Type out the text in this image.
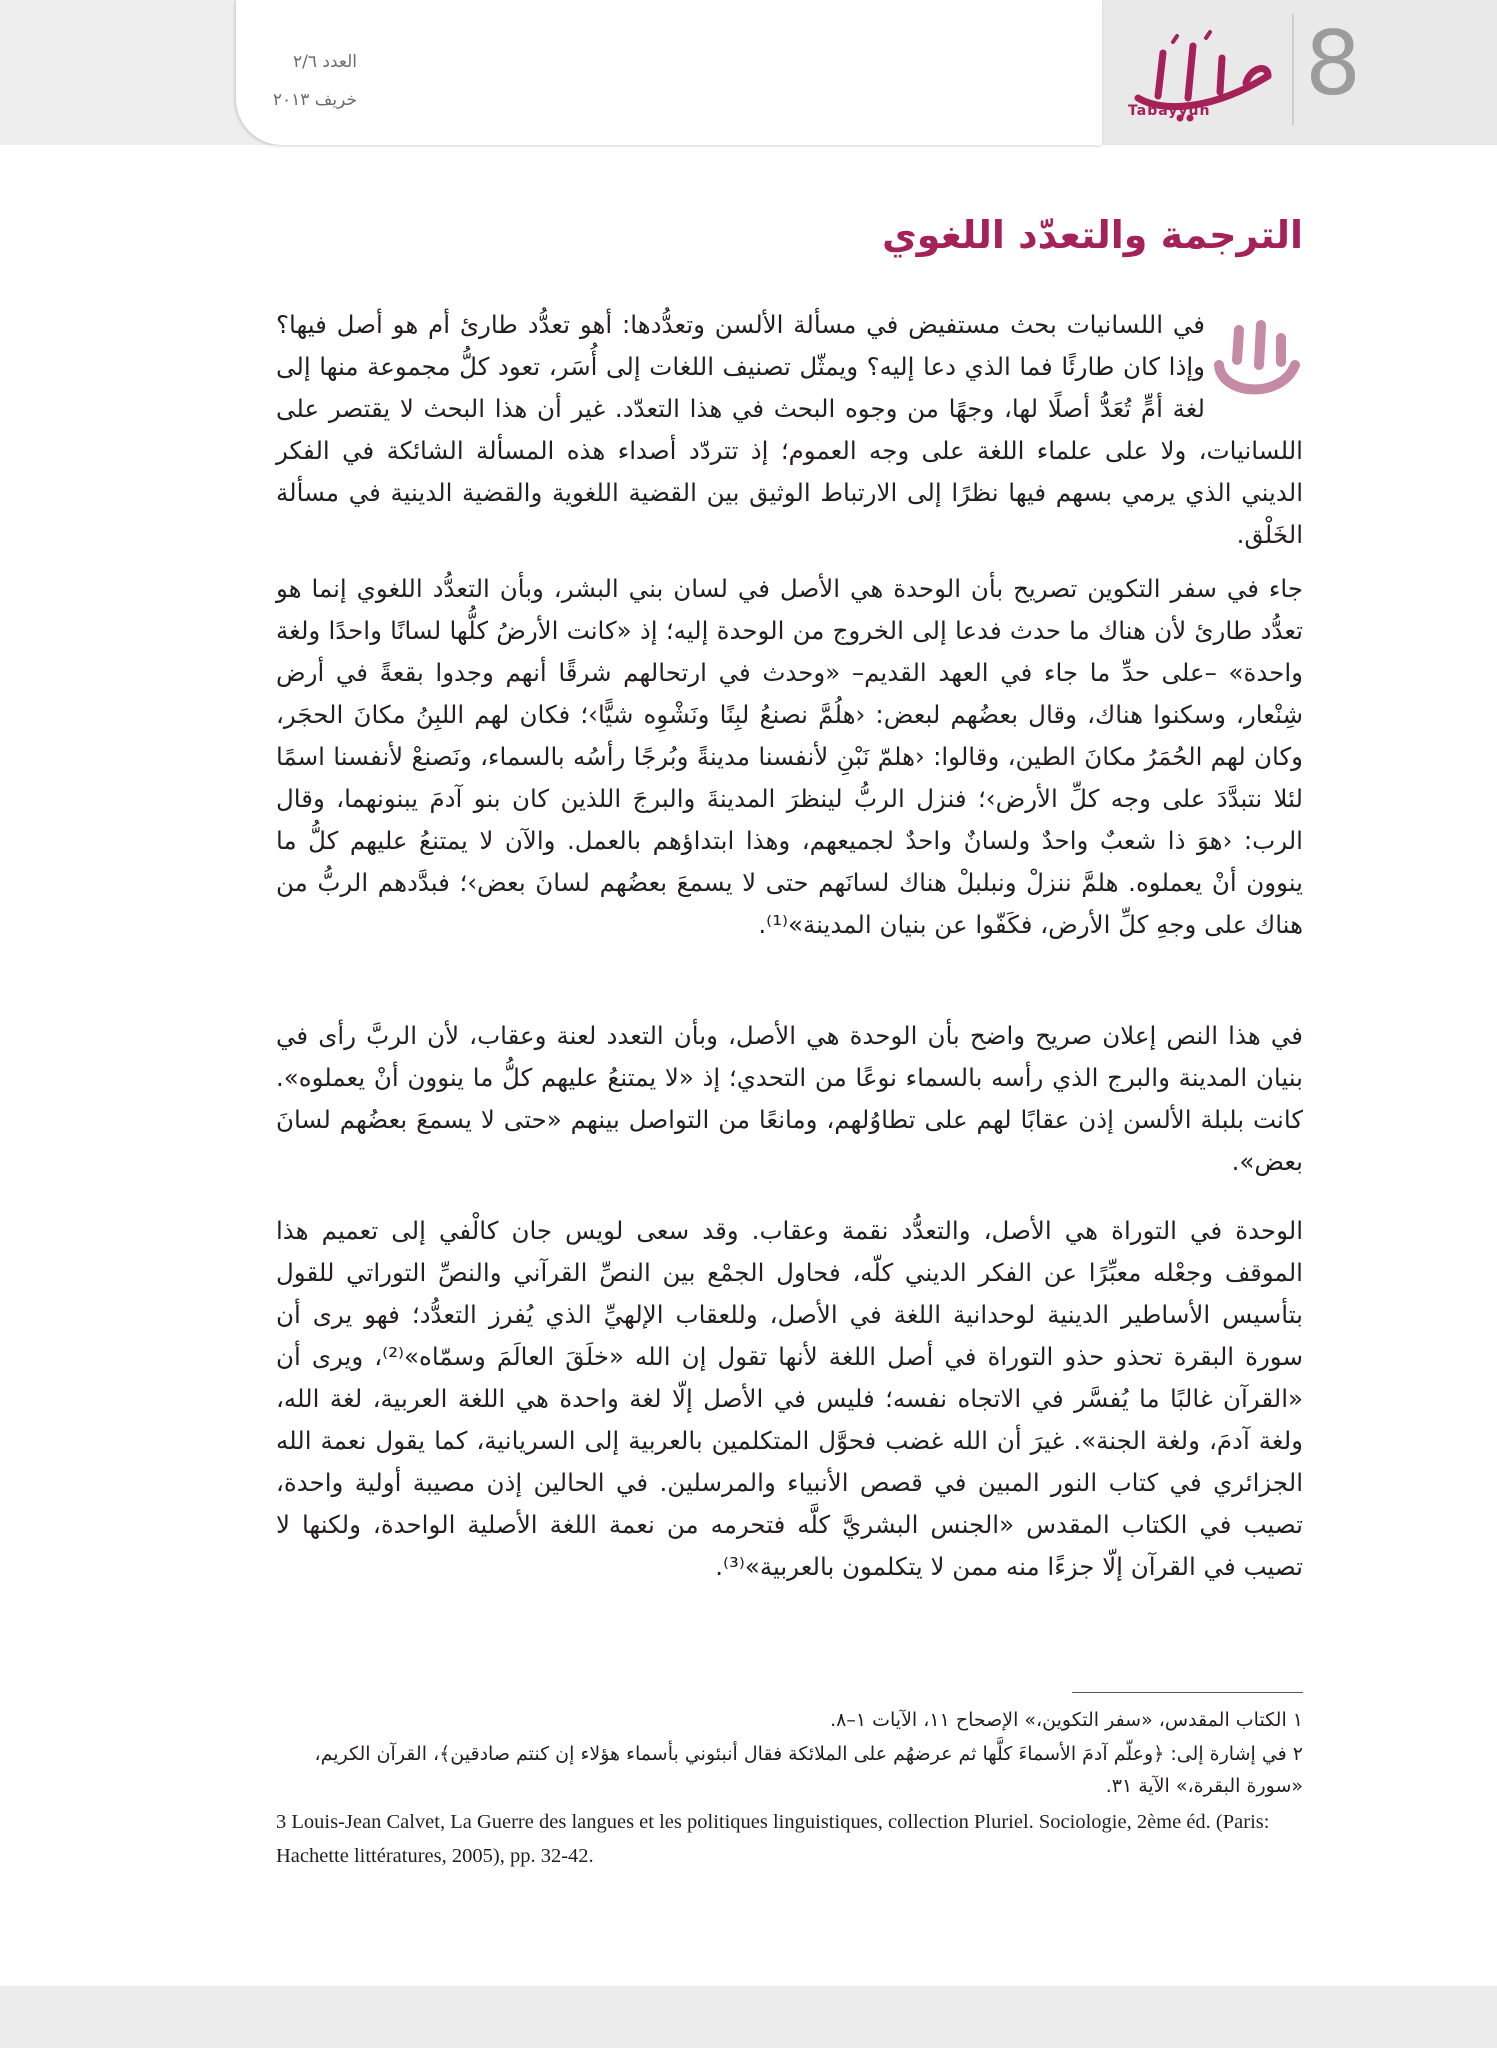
العدد ٢/٦
خريف ٢٠١٣
Tabayyun 8
الترجمة والتعدّد اللغوي

في اللسانيات بحث مستفيض في مسألة الألسن وتعدُّدها: أهو تعدُّد طارئ أم هو أصل فيها؟ وإذا كان طارئًا فما الذي دعا إليه؟ ويمثّل تصنيف اللغات إلى أُسَر، تعود كلُّ مجموعة منها إلى لغة أمٍّ تُعَدُّ أصلًا لها، وجهًا من وجوه البحث في هذا التعدّد. غير أن هذا البحث لا يقتصر على اللسانيات، ولا على علماء اللغة على وجه العموم؛ إذ تتردّد أصداء هذه المسألة الشائكة في الفكر الديني الذي يرمي بسهم فيها نظرًا إلى الارتباط الوثيق بين القضية اللغوية والقضية الدينية في مسألة الخَلْق.

جاء في سفر التكوين تصريح بأن الوحدة هي الأصل في لسان بني البشر، وبأن التعدُّد اللغوي إنما هو تعدُّد طارئ لأن هناك ما حدث فدعا إلى الخروج من الوحدة إليه؛ إذ «كانت الأرضُ كلُّها لسانًا واحدًا ولغة واحدة» –على حدِّ ما جاء في العهد القديم– «وحدث في ارتحالهم شرقًا أنهم وجدوا بقعةً في أرض شِنْعار، وسكنوا هناك، وقال بعضُهم لبعض: ‹هلُمَّ نصنعُ لبِنًا ونَشْوِه شيًّا›؛ فكان لهم اللبِنُ مكانَ الحجَر، وكان لهم الحُمَرُ مكانَ الطين، وقالوا: ‹هلمّ نَبْنِ لأنفسنا مدينةً وبُرجًا رأسُه بالسماء، ونَصنعْ لأنفسنا اسمًا لئلا نتبدَّدَ على وجه كلِّ الأرض›؛ فنزل الربُّ لينظرَ المدينةَ والبرجَ اللذين كان بنو آدمَ يبنونهما، وقال الرب: ‹هوَ ذا شعبٌ واحدٌ ولسانٌ واحدٌ لجميعهم، وهذا ابتداؤهم بالعمل. والآن لا يمتنعُ عليهم كلُّ ما ينوون أنْ يعملوه. هلمَّ ننزلْ ونبلبلْ هناك لسانَهم حتى لا يسمعَ بعضُهم لسانَ بعض›؛ فبدَّدهم الربُّ من هناك على وجهِ كلِّ الأرض، فكَفّوا عن بنيان المدينة»⁽¹⁾.

في هذا النص إعلان صريح واضح بأن الوحدة هي الأصل، وبأن التعدد لعنة وعقاب، لأن الربَّ رأى في بنيان المدينة والبرج الذي رأسه بالسماء نوعًا من التحدي؛ إذ «لا يمتنعُ عليهم كلُّ ما ينوون أنْ يعملوه». كانت بلبلة الألسن إذن عقابًا لهم على تطاوُلهم، ومانعًا من التواصل بينهم «حتى لا يسمعَ بعضُهم لسانَ بعض».

الوحدة في التوراة هي الأصل، والتعدُّد نقمة وعقاب. وقد سعى لويس جان كالْفي إلى تعميم هذا الموقف وجعْله معبِّرًا عن الفكر الديني كلّه، فحاول الجمْع بين النصِّ القرآني والنصِّ التوراتي للقول بتأسيس الأساطير الدينية لوحدانية اللغة في الأصل، وللعقاب الإلهيِّ الذي يُفرز التعدُّد؛ فهو يرى أن سورة البقرة تحذو حذو التوراة في أصل اللغة لأنها تقول إن الله «خلَقَ العالَمَ وسمّاه»⁽²⁾، ويرى أن «القرآن غالبًا ما يُفسَّر في الاتجاه نفسه؛ فليس في الأصل إلّا لغة واحدة هي اللغة العربية، لغة الله، ولغة آدمَ، ولغة الجنة». غيرَ أن الله غضب فحوَّل المتكلمين بالعربية إلى السريانية، كما يقول نعمة الله الجزائري في كتاب النور المبين في قصص الأنبياء والمرسلين. في الحالين إذن مصيبة أولية واحدة، تصيب في الكتاب المقدس «الجنس البشريَّ كلَّه فتحرمه من نعمة اللغة الأصلية الواحدة، ولكنها لا تصيب في القرآن إلّا جزءًا منه ممن لا يتكلمون بالعربية»⁽³⁾.

١ الكتاب المقدس، «سفر التكوين،» الإصحاح ١١، الآيات ١–٨.
٢ في إشارة إلى: ﴿وعلّم آدمَ الأسماءَ كلَّها ثم عرضهُم على الملائكة فقال أنبئوني بأسماء هؤلاء إن كنتم صادقين﴾، القرآن الكريم، «سورة البقرة،» الآية ٣١.
3 Louis-Jean Calvet, La Guerre des langues et les politiques linguistiques, collection Pluriel. Sociologie, 2ème éd. (Paris: Hachette littératures, 2005), pp. 32-42.
